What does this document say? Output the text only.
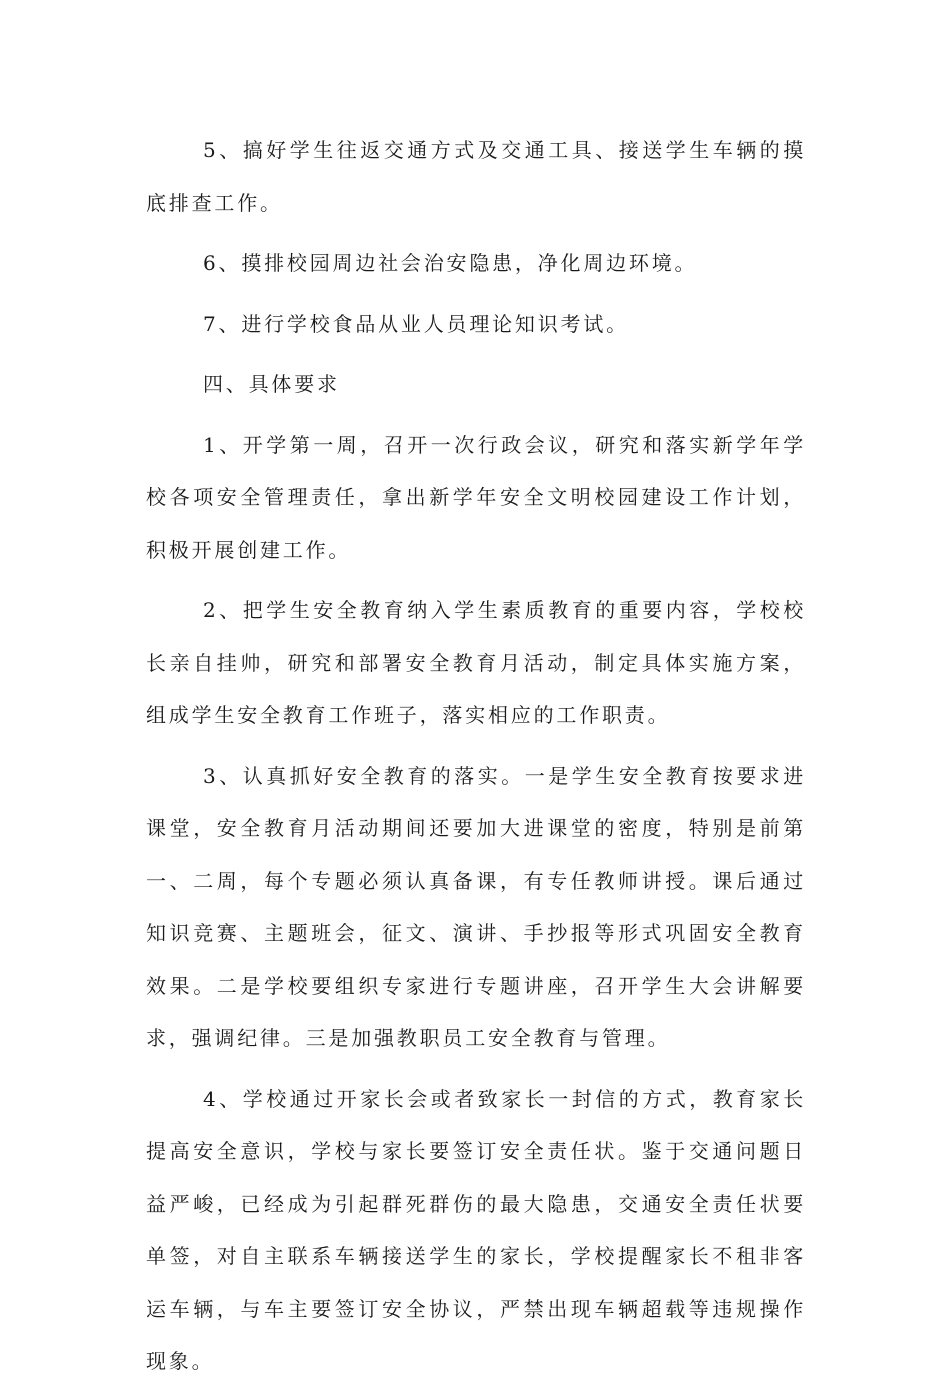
5、搞好学生往返交通方式及交通工具、接送学生车辆的摸底排查工作。

6、摸排校园周边社会治安隐患，净化周边环境。

7、进行学校食品从业人员理论知识考试。

四、具体要求

1、开学第一周，召开一次行政会议，研究和落实新学年学校各项安全管理责任，拿出新学年安全文明校园建设工作计划，积极开展创建工作。

2、把学生安全教育纳入学生素质教育的重要内容，学校校长亲自挂帅，研究和部署安全教育月活动，制定具体实施方案，组成学生安全教育工作班子，落实相应的工作职责。

3、认真抓好安全教育的落实。一是学生安全教育按要求进课堂，安全教育月活动期间还要加大进课堂的密度，特别是前第一、二周，每个专题必须认真备课，有专任教师讲授。课后通过知识竞赛、主题班会，征文、演讲、手抄报等形式巩固安全教育效果。二是学校要组织专家进行专题讲座，召开学生大会讲解要求，强调纪律。三是加强教职员工安全教育与管理。

4、学校通过开家长会或者致家长一封信的方式，教育家长提高安全意识，学校与家长要签订安全责任状。鉴于交通问题日益严峻，已经成为引起群死群伤的最大隐患，交通安全责任状要单签，对自主联系车辆接送学生的家长，学校提醒家长不租非客运车辆，与车主要签订安全协议，严禁出现车辆超载等违规操作现象。
